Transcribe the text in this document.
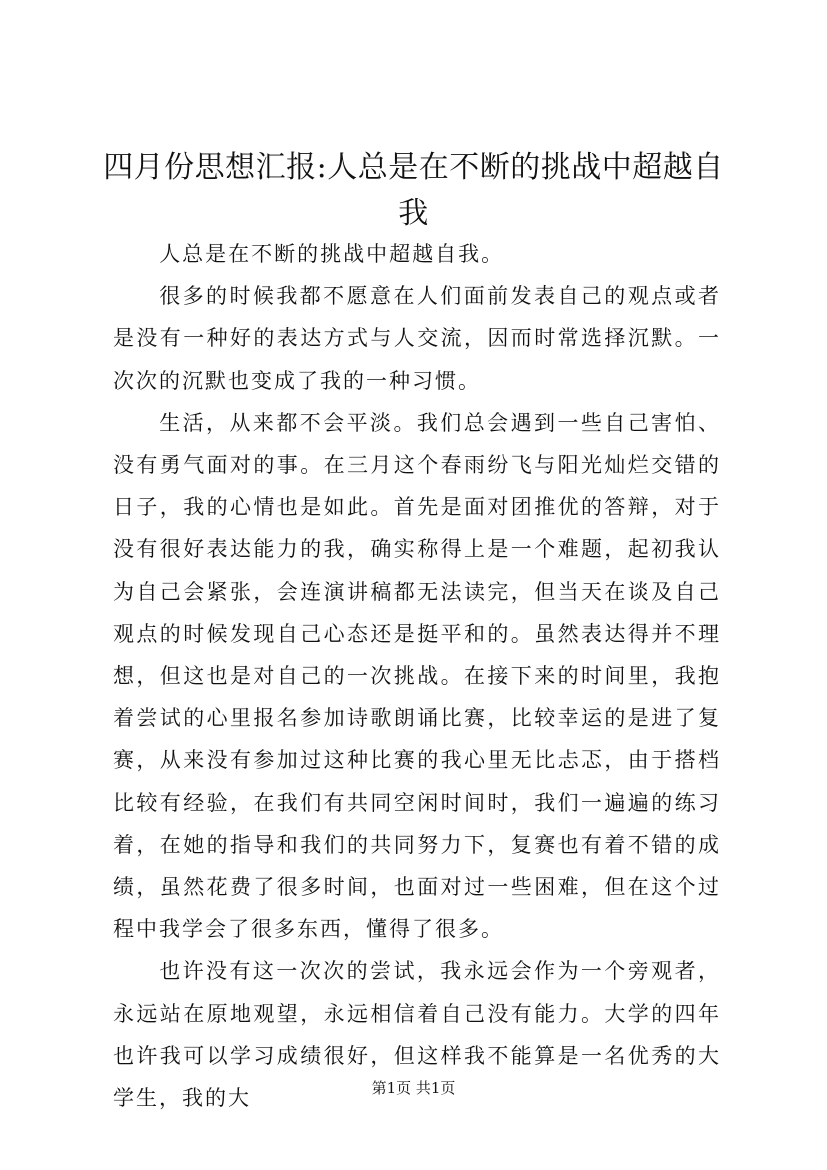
四月份思想汇报:人总是在不断的挑战中超越自我

人总是在不断的挑战中超越自我。

很多的时候我都不愿意在人们面前发表自己的观点或者是没有一种好的表达方式与人交流，因而时常选择沉默。一次次的沉默也变成了我的一种习惯。

生活，从来都不会平淡。我们总会遇到一些自己害怕、没有勇气面对的事。在三月这个春雨纷飞与阳光灿烂交错的日子，我的心情也是如此。首先是面对团推优的答辩，对于没有很好表达能力的我，确实称得上是一个难题，起初我认为自己会紧张，会连演讲稿都无法读完，但当天在谈及自己观点的时候发现自己心态还是挺平和的。虽然表达得并不理想，但这也是对自己的一次挑战。在接下来的时间里，我抱着尝试的心里报名参加诗歌朗诵比赛，比较幸运的是进了复赛，从来没有参加过这种比赛的我心里无比忐忑，由于搭档比较有经验，在我们有共同空闲时间时，我们一遍遍的练习着，在她的指导和我们的共同努力下，复赛也有着不错的成绩，虽然花费了很多时间，也面对过一些困难，但在这个过程中我学会了很多东西，懂得了很多。

也许没有这一次次的尝试，我永远会作为一个旁观者，永远站在原地观望，永远相信着自己没有能力。大学的四年也许我可以学习成绩很好，但这样我不能算是一名优秀的大学生，我的大	第1页 共1页
